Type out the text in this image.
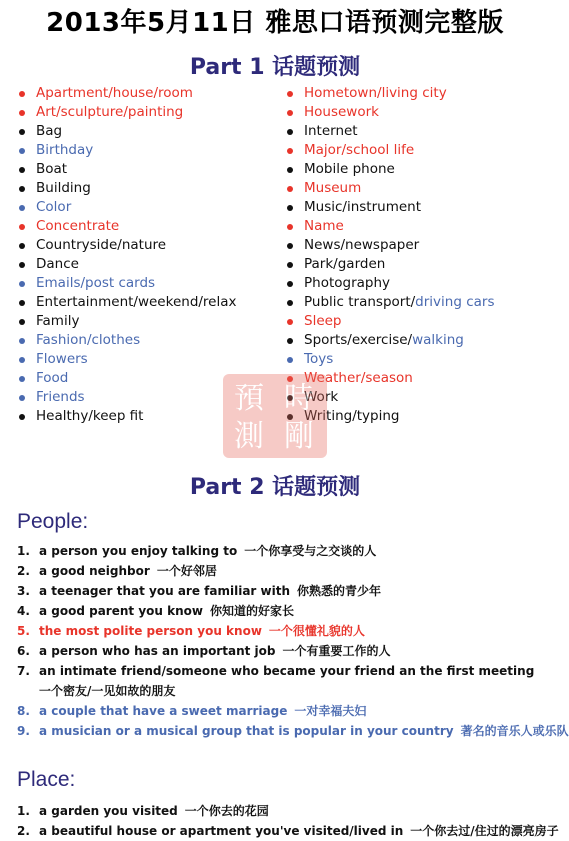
2013年5月11日 雅思口语预测完整版
Part 1 话题预测
Apartment/house/room
Art/sculpture/painting
Bag
Birthday
Boat
Building
Color
Concentrate
Countryside/nature
Dance
Emails/post cards
Entertainment/weekend/relax
Family
Fashion/clothes
Flowers
Food
Friends
Healthy/keep fit
Hometown/living city
Housework
Internet
Major/school life
Mobile phone
Museum
Music/instrument
Name
News/newspaper
Park/garden
Photography
Public transport/ driving cars
Sleep
Sports/exercise/ walking
Toys
Weather/season
Work
Writing/typing
預 時
測 剛
Part 2 话题预测
People:
1. a person you enjoy talking to 一个你享受与之交谈的人
2. a good neighbor 一个好邻居
3. a teenager that you are familiar with 你熟悉的青少年
4. a good parent you know 你知道的好家长
5. the most polite person you know 一个很懂礼貌的人
6. a person who has an important job 一个有重要工作的人
7. an intimate friend/someone who became your friend an the first meeting
一个密友/一见如故的朋友
8. a couple that have a sweet marriage 一对幸福夫妇
9. a musician or a musical group that is popular in your country 著名的音乐人或乐队
Place:
1. a garden you visited 一个你去的花园
2. a beautiful house or apartment you've visited/lived in 一个你去过/住过的漂亮房子
